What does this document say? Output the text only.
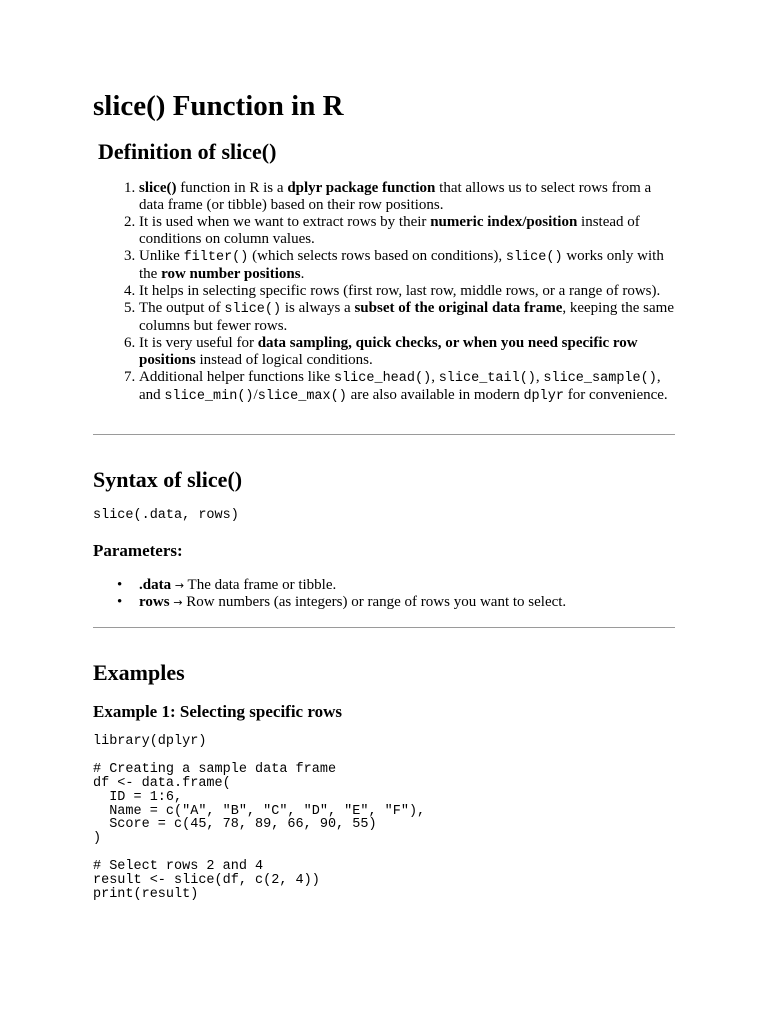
slice() Function in R
Definition of slice()
1. slice() function in R is a dplyr package function that allows us to select rows from a data frame (or tibble) based on their row positions.
2. It is used when we want to extract rows by their numeric index/position instead of conditions on column values.
3. Unlike filter() (which selects rows based on conditions), slice() works only with the row number positions.
4. It helps in selecting specific rows (first row, last row, middle rows, or a range of rows).
5. The output of slice() is always a subset of the original data frame, keeping the same columns but fewer rows.
6. It is very useful for data sampling, quick checks, or when you need specific row positions instead of logical conditions.
7. Additional helper functions like slice_head(), slice_tail(), slice_sample(), and slice_min()/slice_max() are also available in modern dplyr for convenience.
Syntax of slice()
slice(.data, rows)
Parameters:
• .data → The data frame or tibble.
• rows → Row numbers (as integers) or range of rows you want to select.
Examples
Example 1: Selecting specific rows
library(dplyr)

# Creating a sample data frame
df <- data.frame(
ID = 1:6,
Name = c("A", "B", "C", "D", "E", "F"),
Score = c(45, 78, 89, 66, 90, 55)
)

# Select rows 2 and 4
result <- slice(df, c(2, 4))
print(result)
